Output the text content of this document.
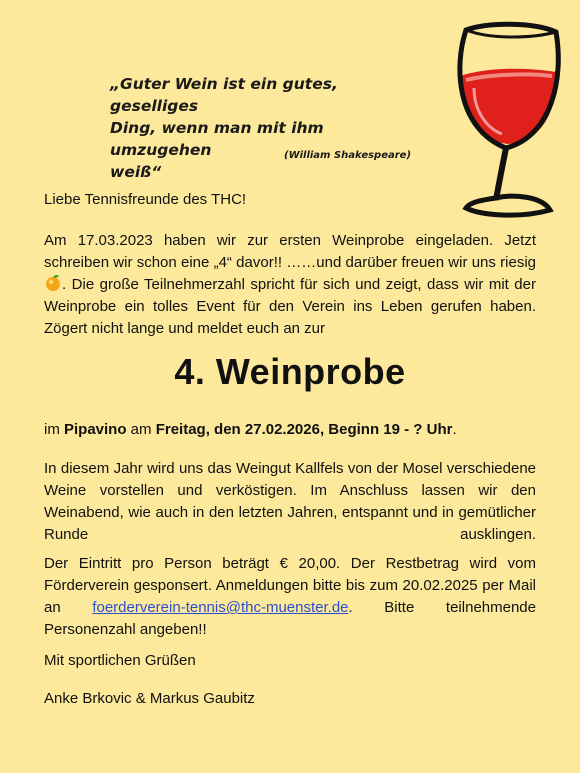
„Guter Wein ist ein gutes, geselliges
Ding, wenn man mit ihm umzugehen
weiß“
(William Shakespeare)

Liebe Tennisfreunde des THC!

Am 17.03.2023 haben wir zur ersten Weinprobe eingeladen. Jetzt schreiben wir schon eine „4“ davor!! ……und darüber freuen wir uns riesig . Die große Teilnehmerzahl spricht für sich und zeigt, dass wir mit der Weinprobe ein tolles Event für den Verein ins Leben gerufen haben. Zögert nicht lange und meldet euch an zur

4. Weinprobe

im Pipavino am Freitag, den 27.02.2026, Beginn 19 - ? Uhr.

In diesem Jahr wird uns das Weingut Kallfels von der Mosel verschiedene Weine vorstellen und verköstigen. Im Anschluss lassen wir den Weinabend, wie auch in den letzten Jahren, entspannt und in gemütlicher Runde ausklingen.

Der Eintritt pro Person beträgt € 20,00. Der Restbetrag wird vom Förderverein gesponsert. Anmeldungen bitte bis zum 20.02.2025 per Mail an foerderverein-tennis@thc-muenster.de. Bitte teilnehmende Personenzahl angeben!!

Mit sportlichen Grüßen

Anke Brkovic & Markus Gaubitz
